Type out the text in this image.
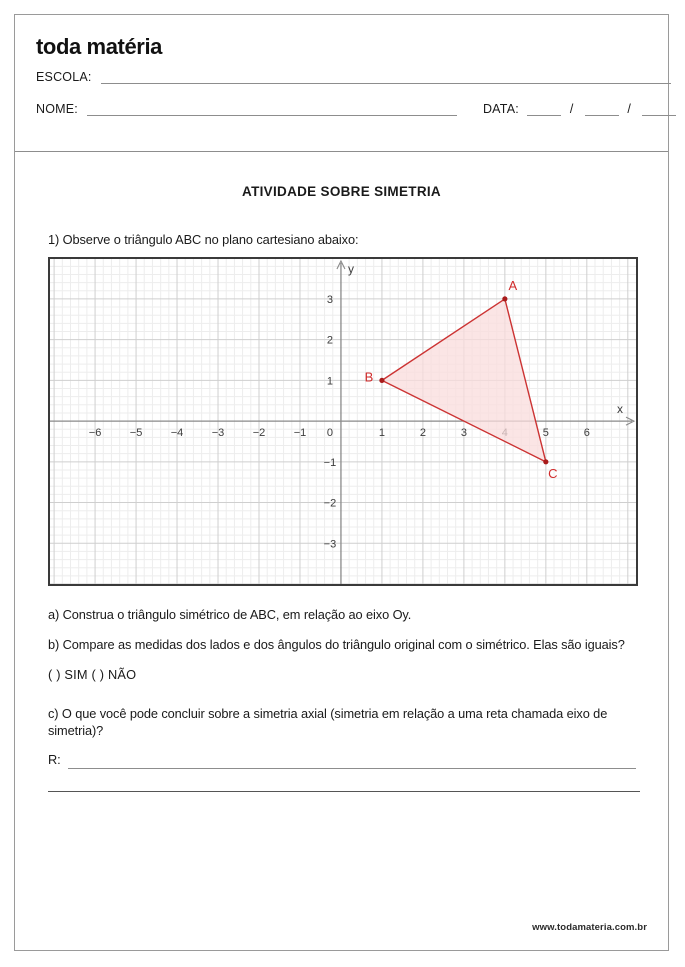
toda matéria
ESCOLA:
NOME:	DATA:	/	/
ATIVIDADE SOBRE SIMETRIA
1) Observe o triângulo ABC no plano cartesiano abaixo:
−6	−5	−4	−3	−2	−1 0	1	2	3	5	6
−3
−2
−1
1
2
3
x
y
A
B
C
a) Construa o triângulo simétrico de ABC, em relação ao eixo Oy.
b) Compare as medidas dos lados e dos ângulos do triângulo original com o simétrico. Elas são iguais?
( ) SIM ( ) NÃO
c) O que você pode concluir sobre a simetria axial (simetria em relação a uma reta chamada eixo de simetria)?
R:
www.todamateria.com.br
